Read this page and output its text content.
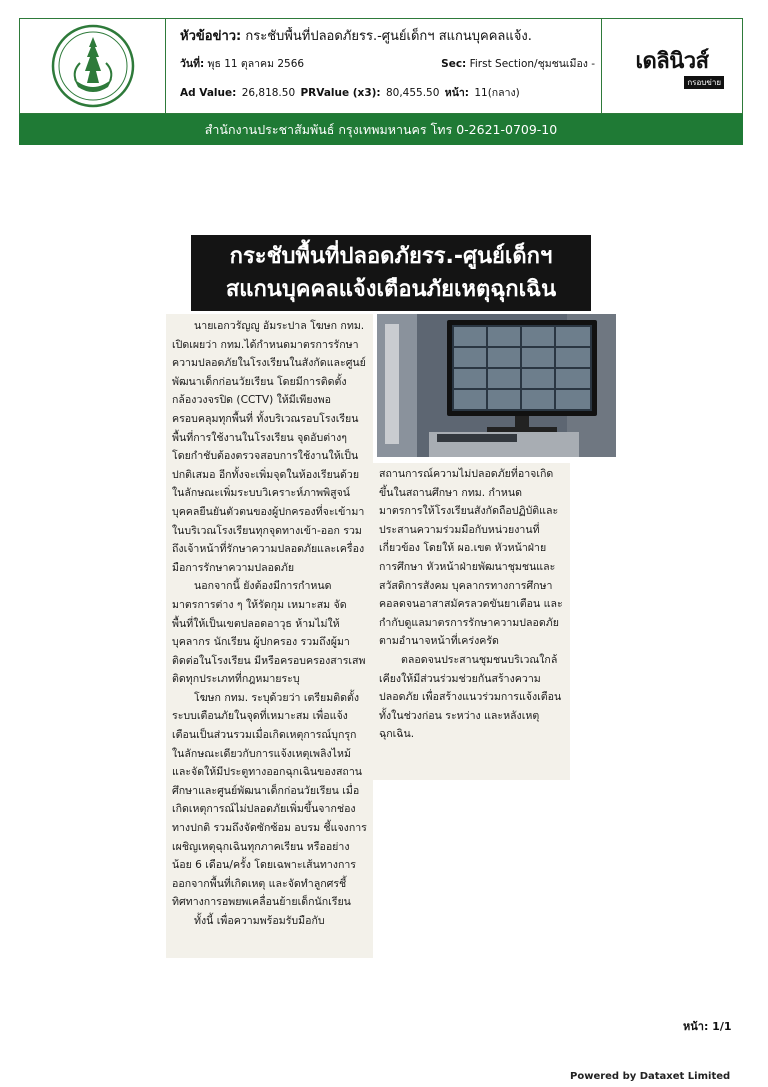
หัวข้อข่าว: กระชับพื้นที่ปลอดภัยรร.-ศูนย์เด็กฯ สแกนบุคคลแจ้ง.
วันที่: พุธ 11 ตุลาคม 2566	Sec: First Section/ชุมชนเมือง -
Ad Value: 26,818.50 PRValue (x3): 80,455.50 หน้า: 11(กลาง)
เดลินิวส์
กรอบข่าย
สำนักงานประชาสัมพันธ์ กรุงเทพมหานคร โทร 0-2621-0709-10
กระชับพื้นที่ปลอดภัยรร.-ศูนย์เด็กฯ
สแกนบุคคลแจ้งเตือนภัยเหตุฉุกเฉิน

นายเอกวรัญญู อัมระปาล โฆษก กทม. เปิดเผยว่า กทม.ได้กำหนดมาตรการรักษาความปลอดภัยในโรงเรียนในสังกัดและศูนย์พัฒนาเด็กก่อนวัยเรียน โดยมีการติดตั้งกล้องวงจรปิด (CCTV) ให้มีเพียงพอครอบคลุมทุกพื้นที่ ทั้งบริเวณรอบโรงเรียน พื้นที่การใช้งานในโรงเรียน จุดอับต่างๆ โดยกำชับต้องตรวจสอบการใช้งานให้เป็นปกติเสมอ อีกทั้งจะเพิ่มจุดในห้องเรียนด้วย ในลักษณะเพิ่มระบบวิเคราะห์ภาพพิสูจน์บุคคลยืนยันตัวตนของผู้ปกครองที่จะเข้ามาในบริเวณโรงเรียนทุกจุดทางเข้า-ออก รวมถึงเจ้าหน้าที่รักษาความปลอดภัยและเครื่องมือการรักษาความปลอดภัย

นอกจากนี้ ยังต้องมีการกำหนดมาตรการต่าง ๆ ให้รัดกุม เหมาะสม จัดพื้นที่ให้เป็นเขตปลอดอาวุธ ห้ามไม่ให้บุคลากร นักเรียน ผู้ปกครอง รวมถึงผู้มาติดต่อในโรงเรียน มีหรือครอบครองสารเสพติดทุกประเภทที่กฎหมายระบุ

โฆษก กทม. ระบุด้วยว่า เตรียมติดตั้งระบบเตือนภัยในจุดที่เหมาะสม เพื่อแจ้งเตือนเป็นส่วนรวมเมื่อเกิดเหตุการณ์บุกรุก ในลักษณะเดียวกับการแจ้งเหตุเพลิงไหม้ และจัดให้มีประตูทางออกฉุกเฉินของสถานศึกษาและศูนย์พัฒนาเด็กก่อนวัยเรียน เมื่อเกิดเหตุการณ์ไม่ปลอดภัยเพิ่มขึ้นจากช่องทางปกติ รวมถึงจัดซักซ้อม อบรม ชี้แจงการเผชิญเหตุฉุกเฉินทุกภาคเรียน หรืออย่างน้อย 6 เดือน/ครั้ง โดยเฉพาะเส้นทางการออกจากพื้นที่เกิดเหตุ และจัดทำลูกศรชี้ทิศทางการอพยพเคลื่อนย้ายเด็กนักเรียน

ทั้งนี้ เพื่อความพร้อมรับมือกับ

สถานการณ์ความไม่ปลอดภัยที่อาจเกิดขึ้นในสถานศึกษา กทม. กำหนดมาตรการให้โรงเรียนสังกัดถือปฏิบัติและประสานความร่วมมือกับหน่วยงานที่เกี่ยวข้อง โดยให้ ผอ.เขต หัวหน้าฝ่ายการศึกษา หัวหน้าฝ่ายพัฒนาชุมชนและสวัสดิการสังคม บุคลากรทางการศึกษา คอลดจนอาสาสมัครลวดขันยาเตือน และกำกับดูแลมาตรการรักษาความปลอดภัย ตามอำนาจหน้าที่เคร่งครัด

ตลอดจนประสานชุมชนบริเวณใกล้เคียงให้มีส่วนร่วมช่วยกันสร้างความปลอดภัย เพื่อสร้างแนวร่วมการแจ้งเตือนทั้งในช่วงก่อน ระหว่าง และหลังเหตุฉุกเฉิน.

หน้า: 1/1
Powered by Dataxet Limited
